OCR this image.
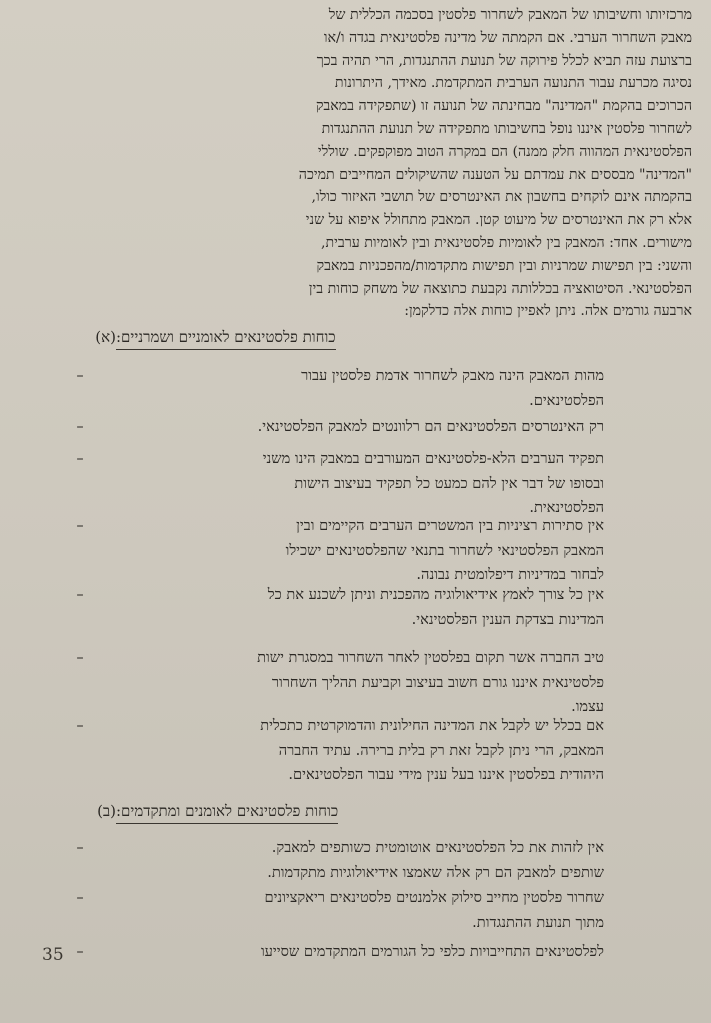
מרכזיותו וחשיבותו של המאבק לשחרור פלסטין בסכמה הכללית של
מאבק השחרור הערבי. אם הקמתה של מדינה פלסטינאית בגדה ו/או
ברצועת עזה תביא לכלל פירוקה של תנועת ההתנגדות, הרי תהיה בכך
נסיגה מכרעת עבור התנועה הערבית המתקדמת. מאידך, היתרונות
הכרוכים בהקמת "המדינה" מבחינתה של תנועה זו (שתפקידה במאבק
לשחרור פלסטין איננו נופל בחשיבותו מתפקידה של תנועת ההתנגדות
הפלסטינאית המהווה חלק ממנה) הם במקרה הטוב מפוקפקים. שוללי
"המדינה" מבססים את עמדתם על הטענה שהשיקולים המחייבים תמיכה
בהקמתה אינם לוקחים בחשבון את האינטרסים של תושבי האיזור כולו,
אלא רק את האינטרסים של מיעוט קטן. המאבק מתחולל איפוא על שני
מישורים. אחד: המאבק בין לאומיות פלסטינאית ובין לאומיות ערבית,
והשני: בין תפישות שמרניות ובין תפישות מתקדמות/מהפכניות במאבק
הפלסטינאי. הסיטואציה בכללותה נקבעת כתוצאה של משחק כוחות בין
ארבעה גורמים אלה. ניתן לאפיין כוחות אלה כדלקמן:
(א) כוחות פלסטינאים לאומניים ושמרניים:
–	מהות המאבק הינה מאבק לשחרור אדמת פלסטין עבור
הפלסטינאים.
–	רק האינטרסים הפלסטינאים הם רלוונטים למאבק הפלסטינאי.
–	תפקיד הערבים הלא-פלסטינאים המעורבים במאבק הינו משני
ובסופו של דבר אין להם כמעט כל תפקיד בעיצוב הישות
הפלסטינאית.
–	אין סתירות רציניות בין המשטרים הערבים הקיימים ובין
המאבק הפלסטינאי לשחרור בתנאי שהפלסטינאים ישכילו
לבחור במדיניות דיפלומטית נבונה.
–	אין כל צורך לאמץ אידיאולוגיה מהפכנית וניתן לשכנע את כל
המדינות בצדקת הענין הפלסטינאי.
–	טיב החברה אשר תקום בפלסטין לאחר השחרור במסגרת ישות
פלסטינאית איננו גורם חשוב בעיצוב וקביעת תהליך השחרור
עצמו.
–	אם בכלל יש לקבל את המדינה החילונית והדמוקרטית כתכלית
המאבק, הרי ניתן לקבל זאת רק בלית ברירה. עתיד החברה
היהודית בפלסטין איננו בעל ענין מידי עבור הפלסטינאים.
(ב) כוחות פלסטינאים לאומנים ומתקדמים:
–	אין לזהות את כל הפלסטינאים אוטומטית כשותפים למאבק.
שותפים למאבק הם רק אלה שאמצו אידיאולוגיות מתקדמות.
–	שחרור פלסטין מחייב סילוק אלמנטים פלסטינאים ריאקציונים
מתוך תנועת ההתנגדות.
–	לפלסטינאים התחייבויות כלפי כל הגורמים המתקדמים שסייעו
35
